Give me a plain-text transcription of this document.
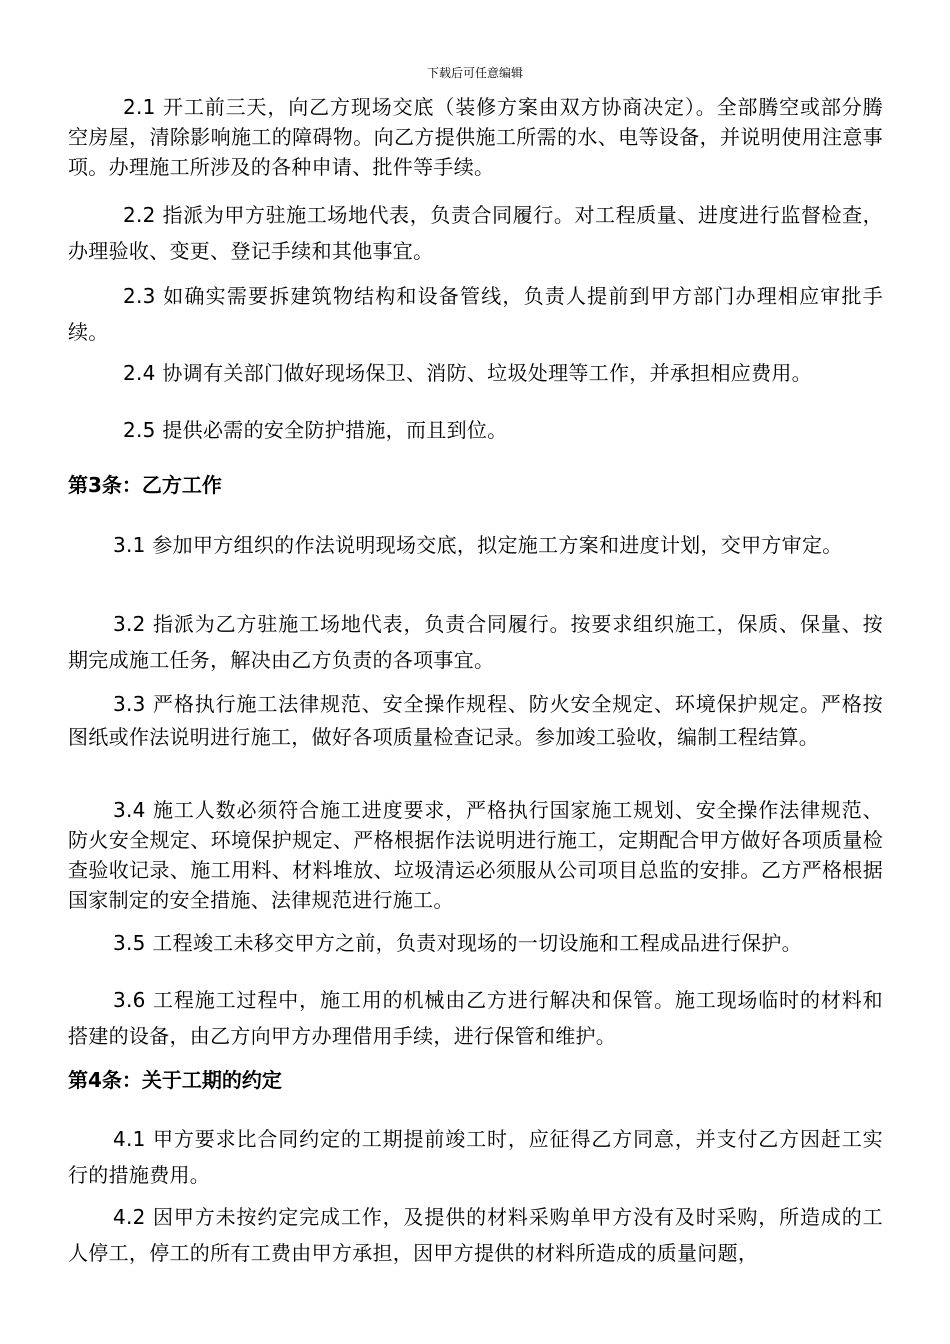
下载后可任意编辑
2.1 开工前三天，向乙方现场交底（装修方案由双方协商决定）。全部腾空或部分腾空房屋，清除影响施工的障碍物。向乙方提供施工所需的水、电等设备，并说明使用注意事项。办理施工所涉及的各种申请、批件等手续。
2.2 指派为甲方驻施工场地代表，负责合同履行。对工程质量、进度进行监督检查，办理验收、变更、登记手续和其他事宜。
2.3 如确实需要拆建筑物结构和设备管线，负责人提前到甲方部门办理相应审批手续。
2.4 协调有关部门做好现场保卫、消防、垃圾处理等工作，并承担相应费用。
2.5 提供必需的安全防护措施，而且到位。
第3条：乙方工作
3.1 参加甲方组织的作法说明现场交底，拟定施工方案和进度计划，交甲方审定。
3.2 指派为乙方驻施工场地代表，负责合同履行。按要求组织施工，保质、保量、按期完成施工任务，解决由乙方负责的各项事宜。
3.3 严格执行施工法律规范、安全操作规程、防火安全规定、环境保护规定。严格按图纸或作法说明进行施工，做好各项质量检查记录。参加竣工验收，编制工程结算。
3.4 施工人数必须符合施工进度要求，严格执行国家施工规划、安全操作法律规范、防火安全规定、环境保护规定、严格根据作法说明进行施工，定期配合甲方做好各项质量检查验收记录、施工用料、材料堆放、垃圾清运必须服从公司项目总监的安排。乙方严格根据国家制定的安全措施、法律规范进行施工。
3.5 工程竣工未移交甲方之前，负责对现场的一切设施和工程成品进行保护。
3.6 工程施工过程中，施工用的机械由乙方进行解决和保管。施工现场临时的材料和搭建的设备，由乙方向甲方办理借用手续，进行保管和维护。
第4条：关于工期的约定
4.1 甲方要求比合同约定的工期提前竣工时，应征得乙方同意，并支付乙方因赶工实行的措施费用。
4.2 因甲方未按约定完成工作，及提供的材料采购单甲方没有及时采购，所造成的工人停工，停工的所有工费由甲方承担，因甲方提供的材料所造成的质量问题，
